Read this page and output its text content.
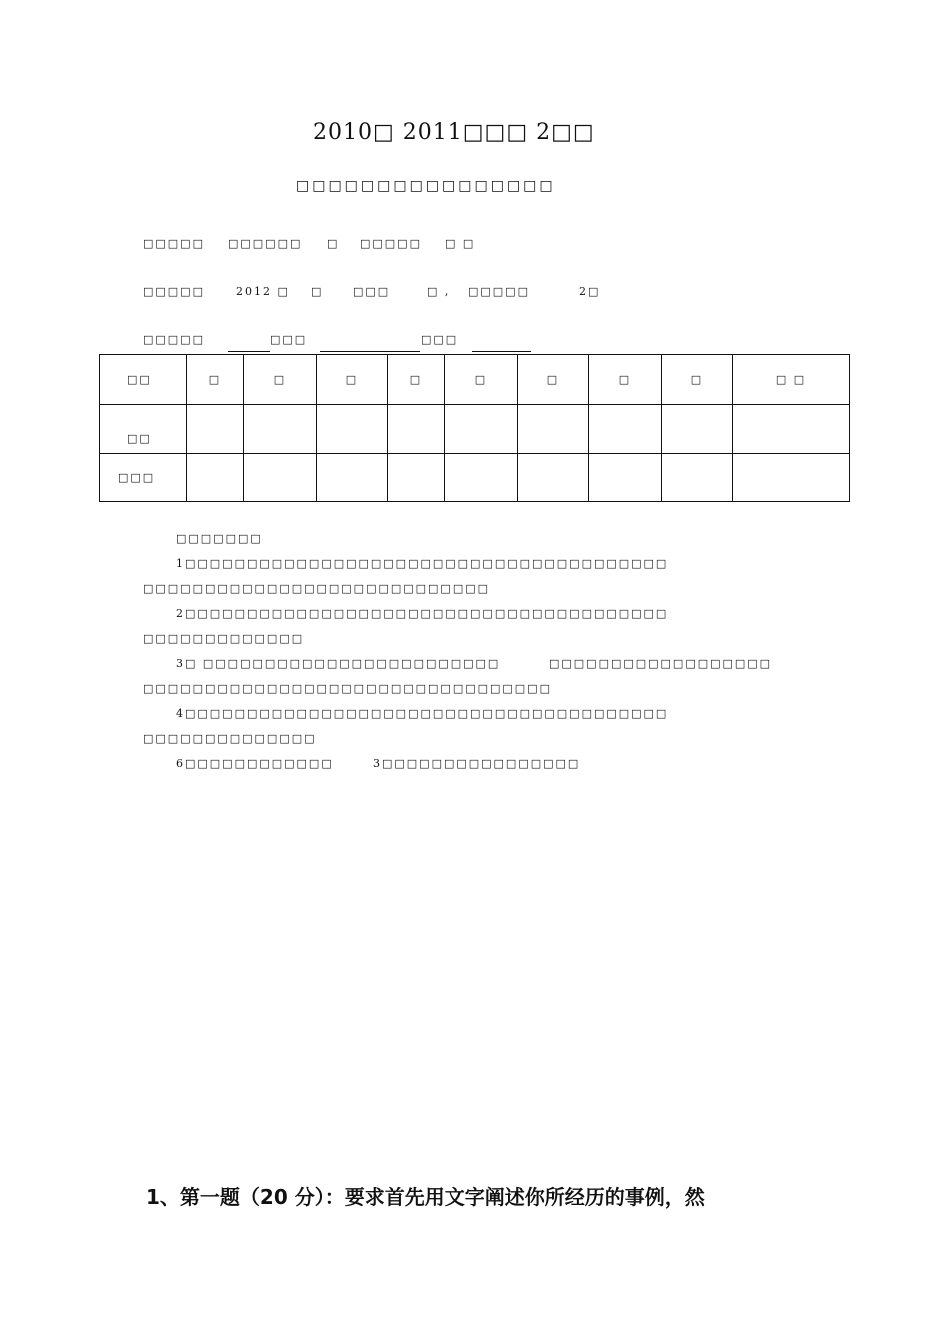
2010□ 2011□□□ 2□□
□□□□□□□□□□□□□□□□
□□□□□ □□□□□□ □ □□□□□ □ □
□□□□□	2012 □ □	□□□	□ , □□□□□	2□
□□□□□	□□□	□□□
□□	□	□	□	□	□	□	□	□	□ □
□□									
□□□									
□□□□□□□
1□□□□□□□□□□□□□□□□□□□□□□□□□□□□□□□□□□□□□□□
□□□□□□□□□□□□□□□□□□□□□□□□□□□□
2□□□□□□□□□□□□□□□□□□□□□□□□□□□□□□□□□□□□□□□
□□□□□□□□□□□□□
3□ □□□□□□□□□□□□□□□□□□□□□□□□	□□□□□□□□□□□□□□□□□□
□□□□□□□□□□□□□□□□□□□□□□□□□□□□□□□□□
4□□□□□□□□□□□□□□□□□□□□□□□□□□□□□□□□□□□□□□□
□□□□□□□□□□□□□□
6□□□□□□□□□□□□	3□□□□□□□□□□□□□□□□
1、第一题（20 分）：要求首先用文字阐述你所经历的事例，然
